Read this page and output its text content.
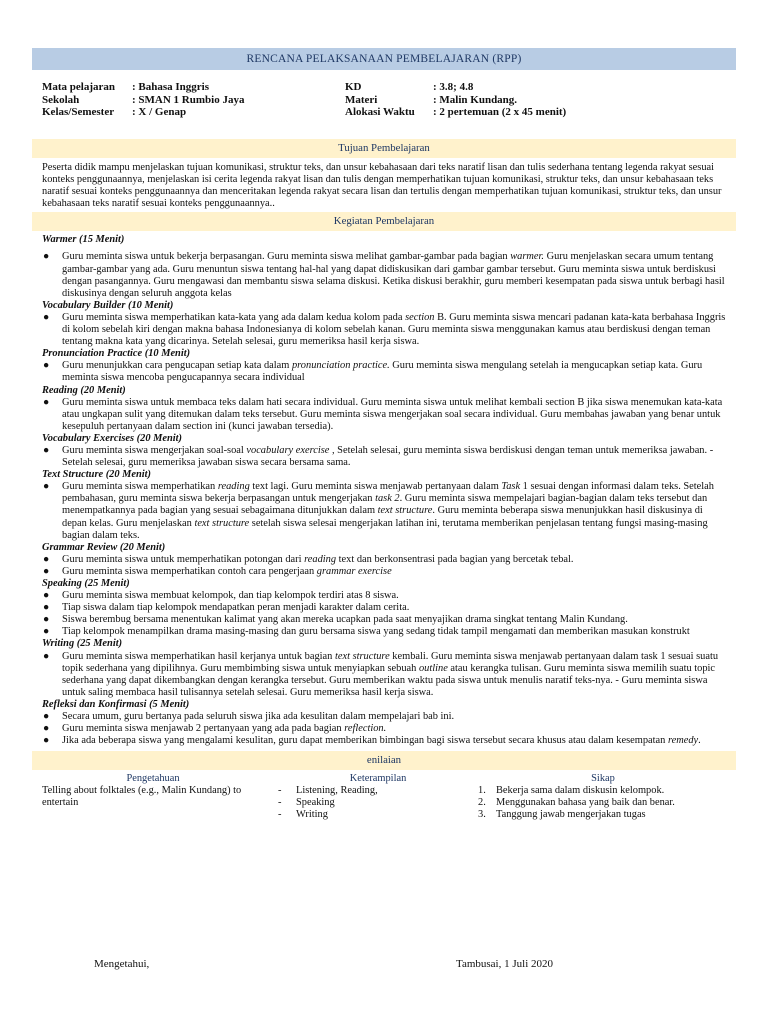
RENCANA PELAKSANAAN PEMBELAJARAN (RPP)
Mata pelajaran	: Bahasa Inggris
Sekolah	: SMAN 1 Rumbio Jaya
Kelas/Semester	: X / Genap
KD	: 3.8; 4.8
Materi	: Malin Kundang.
Alokasi Waktu	: 2 pertemuan (2 x 45 menit)
Tujuan Pembelajaran
Peserta didik mampu menjelaskan tujuan komunikasi, struktur teks, dan unsur kebahasaan dari teks naratif lisan dan tulis sederhana tentang legenda rakyat sesuai konteks penggunaannya, menjelaskan isi cerita legenda rakyat lisan dan tulis dengan memperhatikan tujuan komunikasi, struktur teks, dan unsur kebahasaan teks naratif sesuai konteks penggunaannya dan menceritakan legenda rakyat secara lisan dan tertulis dengan memperhatikan tujuan komunikasi, struktur teks, dan unsur kebahasaan teks naratif sesuai konteks penggunaannya..
Kegiatan Pembelajaran
Warmer (15 Menit)
● Guru meminta siswa untuk bekerja berpasangan. Guru meminta siswa melihat gambar-gambar pada bagian warmer. Guru menjelaskan secara umum tentang gambar-gambar yang ada. Guru menuntun siswa tentang hal-hal yang dapat didiskusikan dari gambar gambar tersebut. Guru meminta siswa untuk berdiskusi dengan pasangannya. Guru mengawasi dan membantu siswa selama diskusi. Ketika diskusi berakhir, guru memberi kesempatan pada siswa untuk berbagi hasil diskusinya dengan seluruh anggota kelas
Vocabulary Builder (10 Menit)
● Guru meminta siswa memperhatikan kata-kata yang ada dalam kedua kolom pada section B. Guru meminta siswa mencari padanan kata-kata berbahasa Inggris di kolom sebelah kiri dengan makna bahasa Indonesianya di kolom sebelah kanan. Guru meminta siswa menggunakan kamus atau berdiskusi dengan teman tentang makna kata yang dicarinya. Setelah selesai, guru memeriksa hasil kerja siswa.
Pronunciation Practice (10 Menit)
● Guru menunjukkan cara pengucapan setiap kata dalam pronunciation practice. Guru meminta siswa mengulang setelah ia mengucapkan setiap kata. Guru meminta siswa mencoba pengucapannya secara individual
Reading (20 Menit)
● Guru meminta siswa untuk membaca teks dalam hati secara individual. Guru meminta siswa untuk melihat kembali section B jika siswa menemukan kata-kata atau ungkapan sulit yang ditemukan dalam teks tersebut. Guru meminta siswa mengerjakan soal secara individual. Guru membahas jawaban yang benar untuk kesepuluh pertanyaan dalam section ini (kunci jawaban tersedia).
Vocabulary Exercises (20 Menit)
● Guru meminta siswa mengerjakan soal-soal vocabulary exercise , Setelah selesai, guru meminta siswa berdiskusi dengan teman untuk memeriksa jawaban. - Setelah selesai, guru memeriksa jawaban siswa secara bersama sama.
Text Structure (20 Menit)
● Guru meminta siswa memperhatikan reading text lagi. Guru meminta siswa menjawab pertanyaan dalam Task 1 sesuai dengan informasi dalam teks. Setelah pembahasan, guru meminta siswa bekerja berpasangan untuk mengerjakan task 2. Guru meminta siswa mempelajari bagian-bagian dalam teks tersebut dan menempatkannya pada bagian yang sesuai sebagaimana ditunjukkan dalam text structure. Guru meminta beberapa siswa menunjukkan hasil diskusinya di depan kelas. Guru menjelaskan text structure setelah siswa selesai mengerjakan latihan ini, terutama memberikan penjelasan tentang fungsi masing-masing bagian dalam teks.
Grammar Review (20 Menit)
● Guru meminta siswa untuk memperhatikan potongan dari reading text dan berkonsentrasi pada bagian yang bercetak tebal.
● Guru meminta siswa memperhatikan contoh cara pengerjaan grammar exercise
Speaking (25 Menit)
● Guru meminta siswa membuat kelompok, dan tiap kelompok terdiri atas 8 siswa.
● Tiap siswa dalam tiap kelompok mendapatkan peran menjadi karakter dalam cerita.
● Siswa berembug bersama menentukan kalimat yang akan mereka ucapkan pada saat menyajikan drama singkat tentang Malin Kundang.
● Tiap kelompok menampilkan drama masing-masing dan guru bersama siswa yang sedang tidak tampil mengamati dan memberikan masukan konstrukt
Writing (25 Menit)
● Guru meminta siswa memperhatikan hasil kerjanya untuk bagian text structure kembali. Guru meminta siswa menjawab pertanyaan dalam task 1 sesuai suatu topik sederhana yang dipilihnya. Guru membimbing siswa untuk menyiapkan sebuah outline atau kerangka tulisan. Guru meminta siswa memilih suatu topic sederhana yang dapat dikembangkan dengan kerangka tersebut. Guru memberikan waktu pada siswa untuk menulis naratif teks-nya. - Guru meminta siswa untuk saling membaca hasil tulisannya setelah selesai. Guru memeriksa hasil kerja siswa.
Refleksi dan Konfirmasi (5 Menit)
● Secara umum, guru bertanya pada seluruh siswa jika ada kesulitan dalam mempelajari bab ini.
● Guru meminta siswa menjawab 2 pertanyaan yang ada pada bagian reflection.
● Jika ada beberapa siswa yang mengalami kesulitan, guru dapat memberikan bimbingan bagi siswa tersebut secara khusus atau dalam kesempatan remedy.
enilaian
Pengetahuan
Telling about folktales (e.g., Malin Kundang) to entertain
Keterampilan
-	Listening, Reading,
-	Speaking
-	Writing
Sikap
1. Bekerja sama dalam diskusin kelompok.
2. Menggunakan bahasa yang baik dan benar.
3. Tanggung jawab mengerjakan tugas
Mengetahui,	Tambusai, 1 Juli 2020
